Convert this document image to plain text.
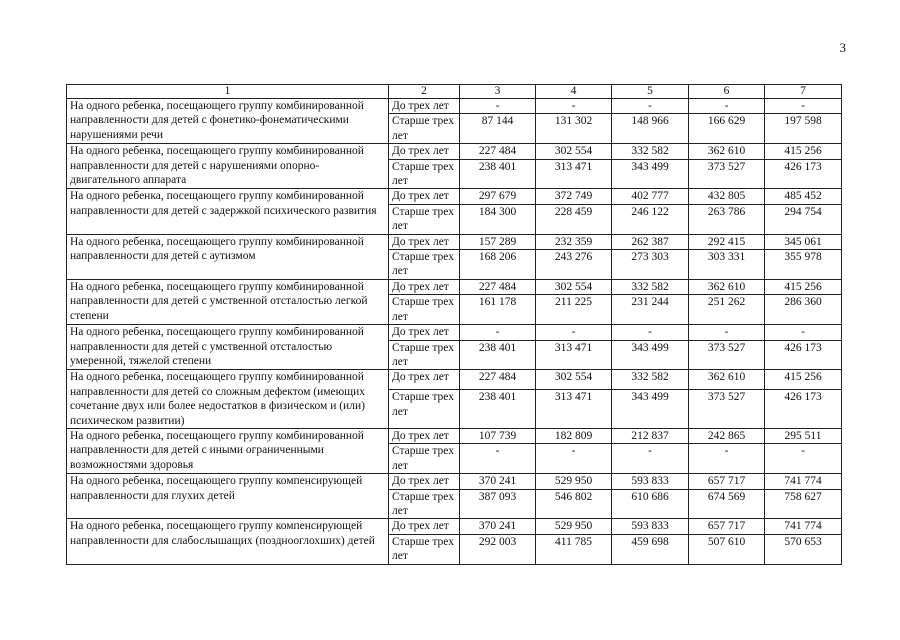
3
1	2	3	4	5	6	7
На одного ребенка, посещающего группу комбинированной направленности для детей с фонетико-фонематическими нарушениями речи	До трех лет	-	-	-	-	-
	Старше трех лет	87 144	131 302	148 966	166 629	197 598
На одного ребенка, посещающего группу комбинированной направленности для детей с нарушениями опорно-двигательного аппарата	До трех лет	227 484	302 554	332 582	362 610	415 256
	Старше трех лет	238 401	313 471	343 499	373 527	426 173
На одного ребенка, посещающего группу комбинированной направленности для детей с задержкой психического развития	До трех лет	297 679	372 749	402 777	432 805	485 452
	Старше трех лет	184 300	228 459	246 122	263 786	294 754
На одного ребенка, посещающего группу комбинированной направленности для детей с аутизмом	До трех лет	157 289	232 359	262 387	292 415	345 061
	Старше трех лет	168 206	243 276	273 303	303 331	355 978
На одного ребенка, посещающего группу комбинированной направленности для детей с умственной отсталостью легкой степени	До трех лет	227 484	302 554	332 582	362 610	415 256
	Старше трех лет	161 178	211 225	231 244	251 262	286 360
На одного ребенка, посещающего группу комбинированной направленности для детей с умственной отсталостью умеренной, тяжелой степени	До трех лет	-	-	-	-	-
	Старше трех лет	238 401	313 471	343 499	373 527	426 173
На одного ребенка, посещающего группу комбинированной направленности для детей со сложным дефектом (имеющих сочетание двух или более недостатков в физическом и (или) психическом развитии)	До трех лет	227 484	302 554	332 582	362 610	415 256
	Старше трех лет	238 401	313 471	343 499	373 527	426 173
На одного ребенка, посещающего группу комбинированной направленности для детей с иными ограниченными возможностями здоровья	До трех лет	107 739	182 809	212 837	242 865	295 511
	Старше трех лет	-	-	-	-	-
На одного ребенка, посещающего группу компенсирующей направленности для глухих детей	До трех лет	370 241	529 950	593 833	657 717	741 774
	Старше трех лет	387 093	546 802	610 686	674 569	758 627
На одного ребенка, посещающего группу компенсирующей направленности для слабослышащих (позднооглохших) детей	До трех лет	370 241	529 950	593 833	657 717	741 774
	Старше трех лет	292 003	411 785	459 698	507 610	570 653
